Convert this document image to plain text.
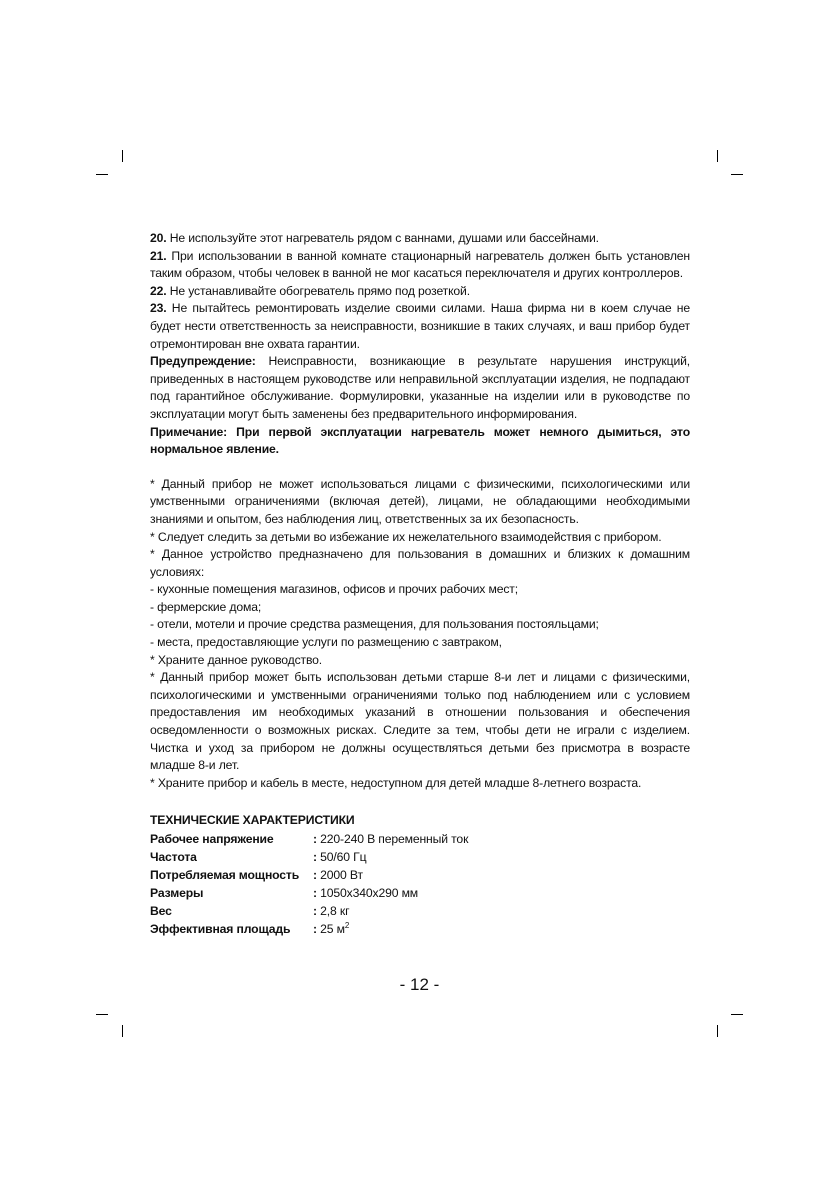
20. Не используйте этот нагреватель рядом с ваннами, душами или бассейнами.

21. При использовании в ванной комнате стационарный нагреватель должен быть установлен таким образом, чтобы человек в ванной не мог касаться переключателя и других контроллеров.

22. Не устанавливайте обогреватель прямо под розеткой.

23. Не пытайтесь ремонтировать изделие своими силами. Наша фирма ни в коем случае не будет нести ответственность за неисправности, возникшие в таких случаях, и ваш прибор будет отремонтирован вне охвата гарантии.

Предупреждение: Неисправности, возникающие в результате нарушения инструкций, приведенных в настоящем руководстве или неправильной эксплуатации изделия, не подпадают под гарантийное обслуживание. Формулировки, указанные на изделии или в руководстве по эксплуатации могут быть заменены без предварительного информирования.

Примечание: При первой эксплуатации нагреватель может немного дымиться, это нормальное явление.

* Данный прибор не может использоваться лицами с физическими, психологическими или умственными ограничениями (включая детей), лицами, не обладающими необходимыми знаниями и опытом, без наблюдения лиц, ответственных за их безопасность.

* Следует следить за детьми во избежание их нежелательного взаимодействия с прибором.

* Данное устройство предназначено для пользования в домашних и близких к домашним условиях:

- кухонные помещения магазинов, офисов и прочих рабочих мест;

- фермерские дома;

- отели, мотели и прочие средства размещения, для пользования постояльцами;

- места, предоставляющие услуги по размещению с завтраком,

* Храните данное руководство.

* Данный прибор может быть использован детьми старше 8-и лет и лицами с физическими, психологическими и умственными ограничениями только под наблюдением или с условием предоставления им необходимых указаний в отношении пользования и обеспечения осведомленности о возможных рисках. Следите за тем, чтобы дети не играли с изделием. Чистка и уход за прибором не должны осуществляться детьми без присмотра в возрасте младше 8-и лет.

* Храните прибор и кабель в месте, недоступном для детей младше 8-летнего возраста.

ТЕХНИЧЕСКИЕ ХАРАКТЕРИСТИКИ
Рабочее напряжение	: 220-240 В переменный ток
Частота	: 50/60 Гц
Потребляемая мощность	: 2000 Вт
Размеры	: 1050x340x290 мм
Вес	: 2,8 кг
Эффективная площадь	: 25 $м^2$
- 12 -
